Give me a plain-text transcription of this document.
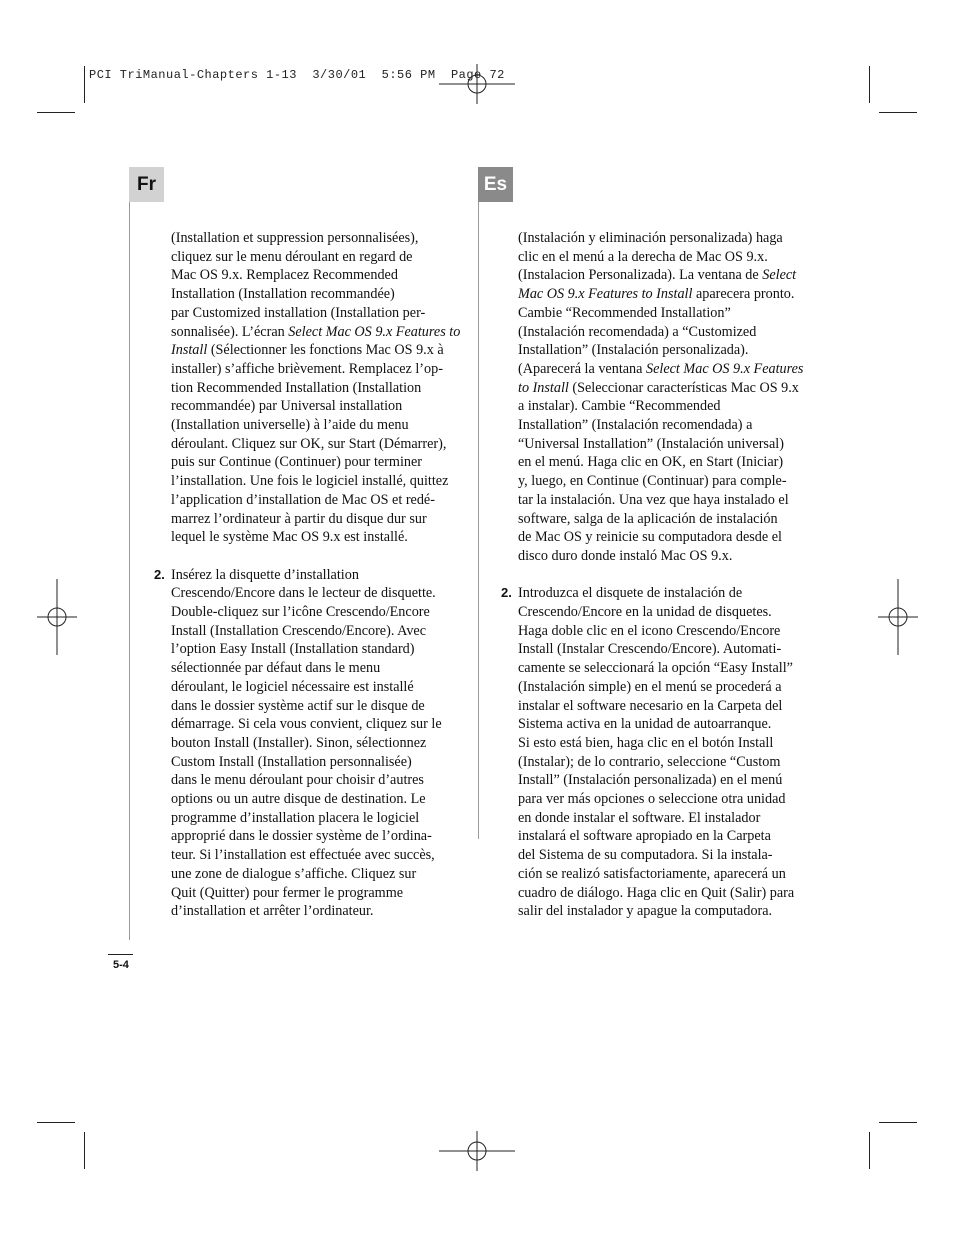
PCI TriManual-Chapters 1-13  3/30/01  5:56 PM  Page 72
Fr	Es
(Installation et suppression personnalisées),
cliquez sur le menu déroulant en regard de
Mac OS 9.x. Remplacez Recommended
Installation (Installation recommandée)
par Customized installation (Installation per-
sonnalisée). L’écran Select Mac OS 9.x Features to
Install (Sélectionner les fonctions Mac OS 9.x à
installer) s’affiche brièvement. Remplacez l’op-
tion Recommended Installation (Installation
recommandée) par Universal installation
(Installation universelle) à l’aide du menu
déroulant. Cliquez sur OK, sur Start (Démarrer),
puis sur Continue (Continuer) pour terminer
l’installation. Une fois le logiciel installé, quittez
l’application d’installation de Mac OS et redé-
marrez l’ordinateur à partir du disque dur sur
lequel le système Mac OS 9.x est installé.
2. Insérez la disquette d’installation
Crescendo/Encore dans le lecteur de disquette.
Double-cliquez sur l’icône Crescendo/Encore
Install (Installation Crescendo/Encore). Avec
l’option Easy Install (Installation standard)
sélectionnée par défaut dans le menu
déroulant, le logiciel nécessaire est installé
dans le dossier système actif sur le disque de
démarrage. Si cela vous convient, cliquez sur le
bouton Install (Installer). Sinon, sélectionnez
Custom Install (Installation personnalisée)
dans le menu déroulant pour choisir d’autres
options ou un autre disque de destination. Le
programme d’installation placera le logiciel
approprié dans le dossier système de l’ordina-
teur. Si l’installation est effectuée avec succès,
une zone de dialogue s’affiche. Cliquez sur
Quit (Quitter) pour fermer le programme
d’installation et arrêter l’ordinateur.
(Instalación y eliminación personalizada) haga
clic en el menú a la derecha de Mac OS 9.x.
(Instalacion Personalizada). La ventana de Select
Mac OS 9.x Features to Install aparecera pronto.
Cambie “Recommended Installation”
(Instalación recomendada) a “Customized
Installation” (Instalación personalizada).
(Aparecerá la ventana Select Mac OS 9.x Features
to Install (Seleccionar características Mac OS 9.x
a instalar). Cambie “Recommended
Installation” (Instalación recomendada) a
“Universal Installation” (Instalación universal)
en el menú. Haga clic en OK, en Start (Iniciar)
y, luego, en Continue (Continuar) para comple-
tar la instalación. Una vez que haya instalado el
software, salga de la aplicación de instalación
de Mac OS y reinicie su computadora desde el
disco duro donde instaló Mac OS 9.x.
2. Introduzca el disquete de instalación de
Crescendo/Encore en la unidad de disquetes.
Haga doble clic en el icono Crescendo/Encore
Install (Instalar Crescendo/Encore). Automati-
camente se seleccionará la opción “Easy Install”
(Instalación simple) en el menú se procederá a
instalar el software necesario en la Carpeta del
Sistema activa en la unidad de autoarranque.
Si esto está bien, haga clic en el botón Install
(Instalar); de lo contrario, seleccione “Custom
Install” (Instalación personalizada) en el menú
para ver más opciones o seleccione otra unidad
en donde instalar el software. El instalador
instalará el software apropiado en la Carpeta
del Sistema de su computadora. Si la instala-
ción se realizó satisfactoriamente, aparecerá un
cuadro de diálogo. Haga clic en Quit (Salir) para
salir del instalador y apague la computadora.
5-4
